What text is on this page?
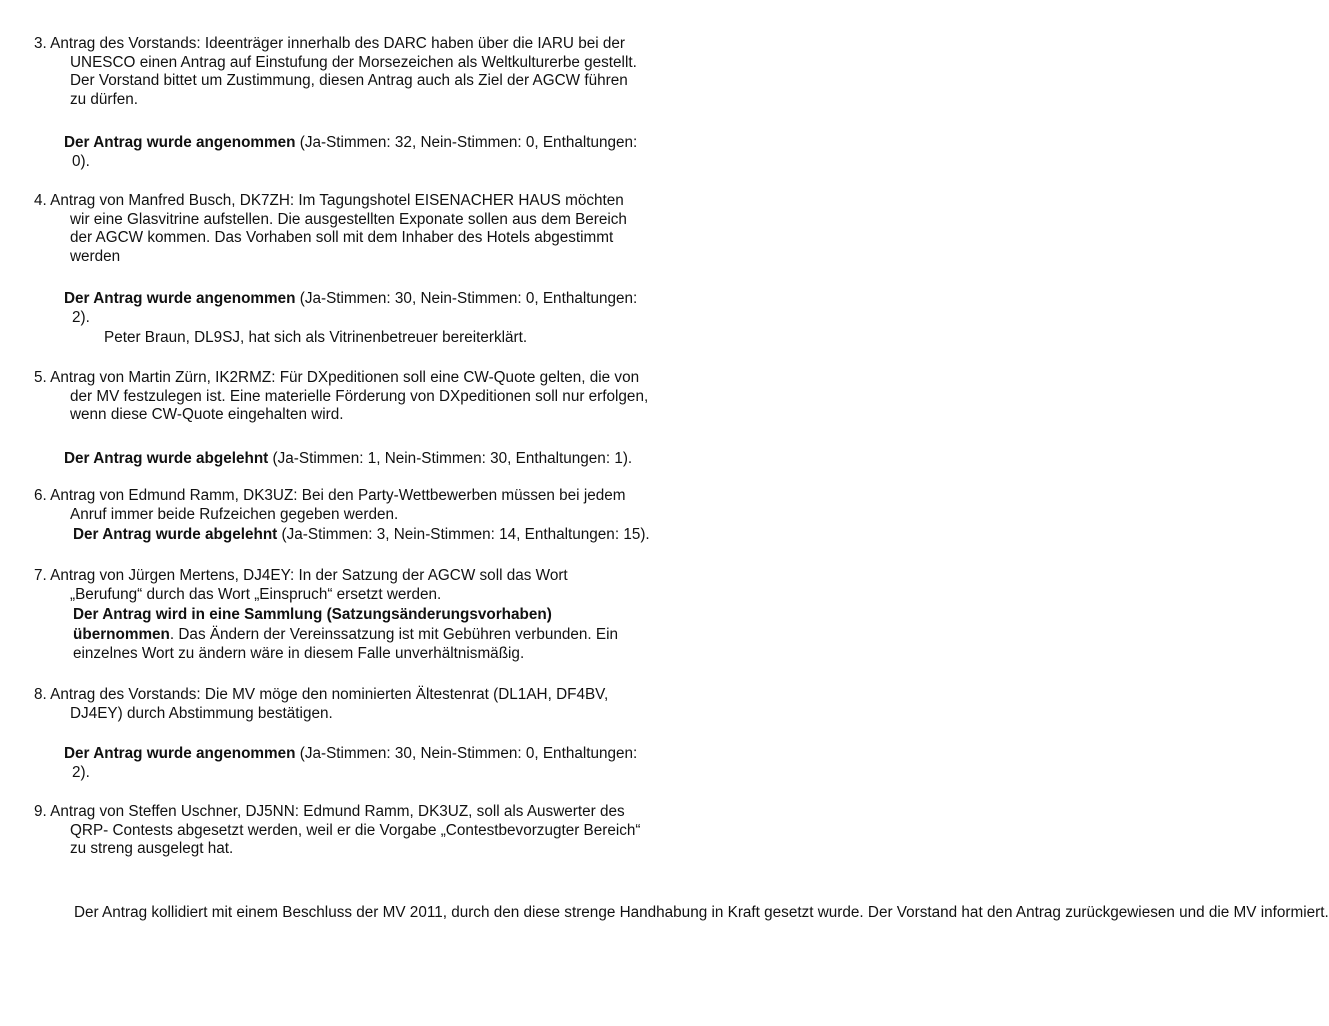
3. Antrag des Vorstands: Ideenträger innerhalb des DARC haben über die IARU bei der
UNESCO einen Antrag auf Einstufung der Morsezeichen als Weltkulturerbe gestellt.
Der Vorstand bittet um Zustimmung, diesen Antrag auch als Ziel der AGCW führen
zu dürfen.
Der Antrag wurde angenommen (Ja-Stimmen: 32, Nein-Stimmen: 0, Enthaltungen:
0).
4. Antrag von Manfred Busch, DK7ZH: Im Tagungshotel EISENACHER HAUS möchten
wir eine Glasvitrine aufstellen. Die ausgestellten Exponate sollen aus dem Bereich
der AGCW kommen. Das Vorhaben soll mit dem Inhaber des Hotels abgestimmt
werden
Der Antrag wurde angenommen (Ja-Stimmen: 30, Nein-Stimmen: 0, Enthaltungen:
2).
Peter Braun, DL9SJ, hat sich als Vitrinenbetreuer bereiterklärt.
5. Antrag von Martin Zürn, IK2RMZ: Für DXpeditionen soll eine CW-Quote gelten, die von
der MV festzulegen ist. Eine materielle Förderung von DXpeditionen soll nur erfolgen,
wenn diese CW-Quote eingehalten wird.
Der Antrag wurde abgelehnt (Ja-Stimmen: 1, Nein-Stimmen: 30, Enthaltungen: 1).
6. Antrag von Edmund Ramm, DK3UZ: Bei den Party-Wettbewerben müssen bei jedem
Anruf immer beide Rufzeichen gegeben werden.
Der Antrag wurde abgelehnt (Ja-Stimmen: 3, Nein-Stimmen: 14, Enthaltungen: 15).
7. Antrag von Jürgen Mertens, DJ4EY: In der Satzung der AGCW soll das Wort
„Berufung“ durch das Wort „Einspruch“ ersetzt werden.
Der Antrag wird in eine Sammlung (Satzungsänderungsvorhaben)
übernommen. Das Ändern der Vereinssatzung ist mit Gebühren verbunden. Ein
einzelnes Wort zu ändern wäre in diesem Falle unverhältnismäßig.
8. Antrag des Vorstands: Die MV möge den nominierten Ältestenrat (DL1AH, DF4BV,
DJ4EY) durch Abstimmung bestätigen.
Der Antrag wurde angenommen (Ja-Stimmen: 30, Nein-Stimmen: 0, Enthaltungen:
2).
9. Antrag von Steffen Uschner, DJ5NN: Edmund Ramm, DK3UZ, soll als Auswerter des
QRP- Contests abgesetzt werden, weil er die Vorgabe „Contestbevorzugter Bereich“
zu streng ausgelegt hat.
Der Antrag kollidiert mit einem Beschluss der MV 2011, durch den diese strenge Handhabung in Kraft gesetzt wurde. Der Vorstand hat den Antrag zurückgewiesen und die MV informiert.
